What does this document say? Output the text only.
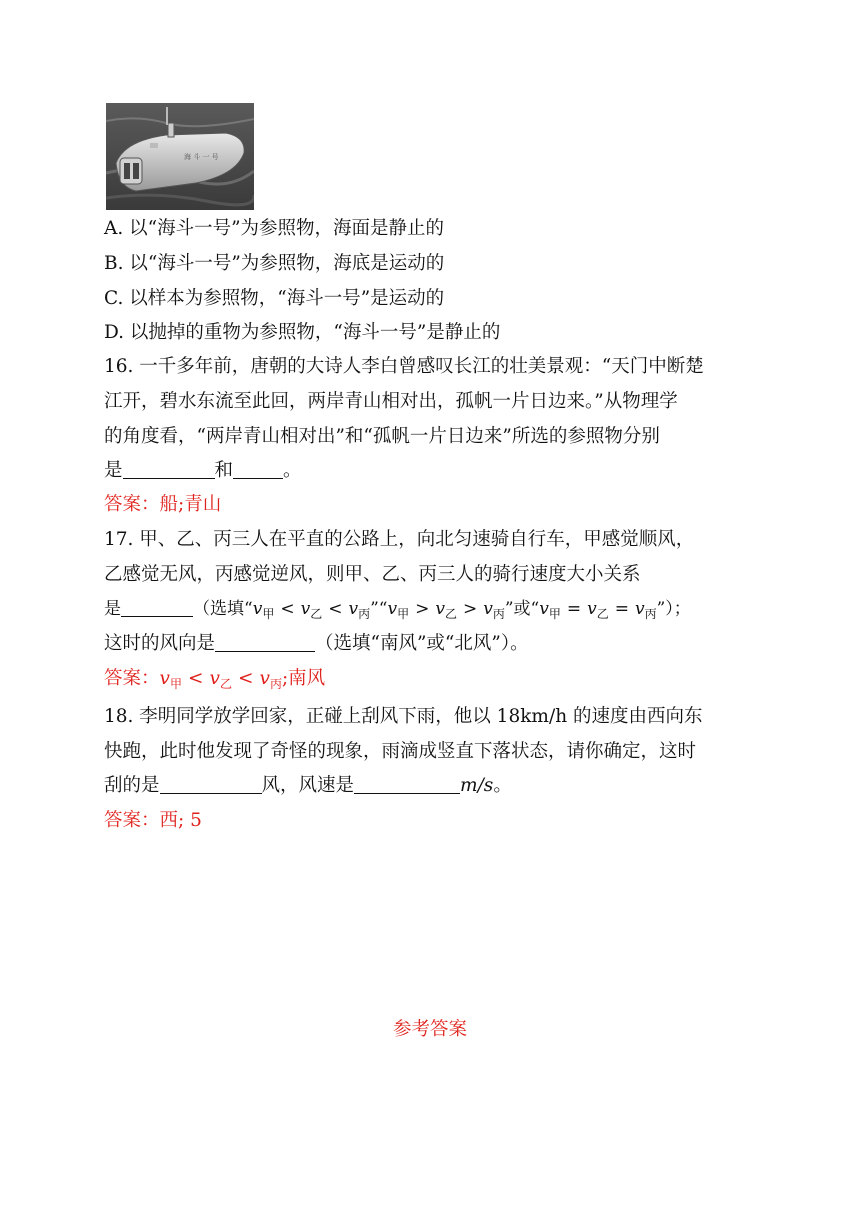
海 斗 一 号
A. 以“海斗一号”为参照物，海面是静止的
B. 以“海斗一号”为参照物，海底是运动的
C. 以样本为参照物，“海斗一号”是运动的
D. 以抛掉的重物为参照物，“海斗一号”是静止的
16. 一千多年前，唐朝的大诗人李白曾感叹长江的壮美景观：“天门中断楚
江开，碧水东流至此回，两岸青山相对出，孤帆一片日边来。”从物理学
的角度看，“两岸青山相对出”和“孤帆一片日边来”所选的参照物分别
是	和	。
答案：船;青山
17. 甲、乙、丙三人在平直的公路上，向北匀速骑自行车，甲感觉顺风，
乙感觉无风，丙感觉逆风，则甲、乙、丙三人的骑行速度大小关系
是	（选填“$v_甲 < v_乙$ < $v_丙”“v_甲 > v_乙 > v_丙$”或“$v_甲 = v_乙$ = $v_丙$”）；
这时的风向是	（选填“南风”或“北风”）。
答案：$v_甲 < v_乙 < v_丙$;南风
18. 李明同学放学回家，正碰上刮风下雨，他以 18km/h 的速度由西向东
快跑，此时他发现了奇怪的现象，雨滴成竖直下落状态，请你确定，这时
刮的是	风，风速是	m/s。
答案：西; 5
参考答案
